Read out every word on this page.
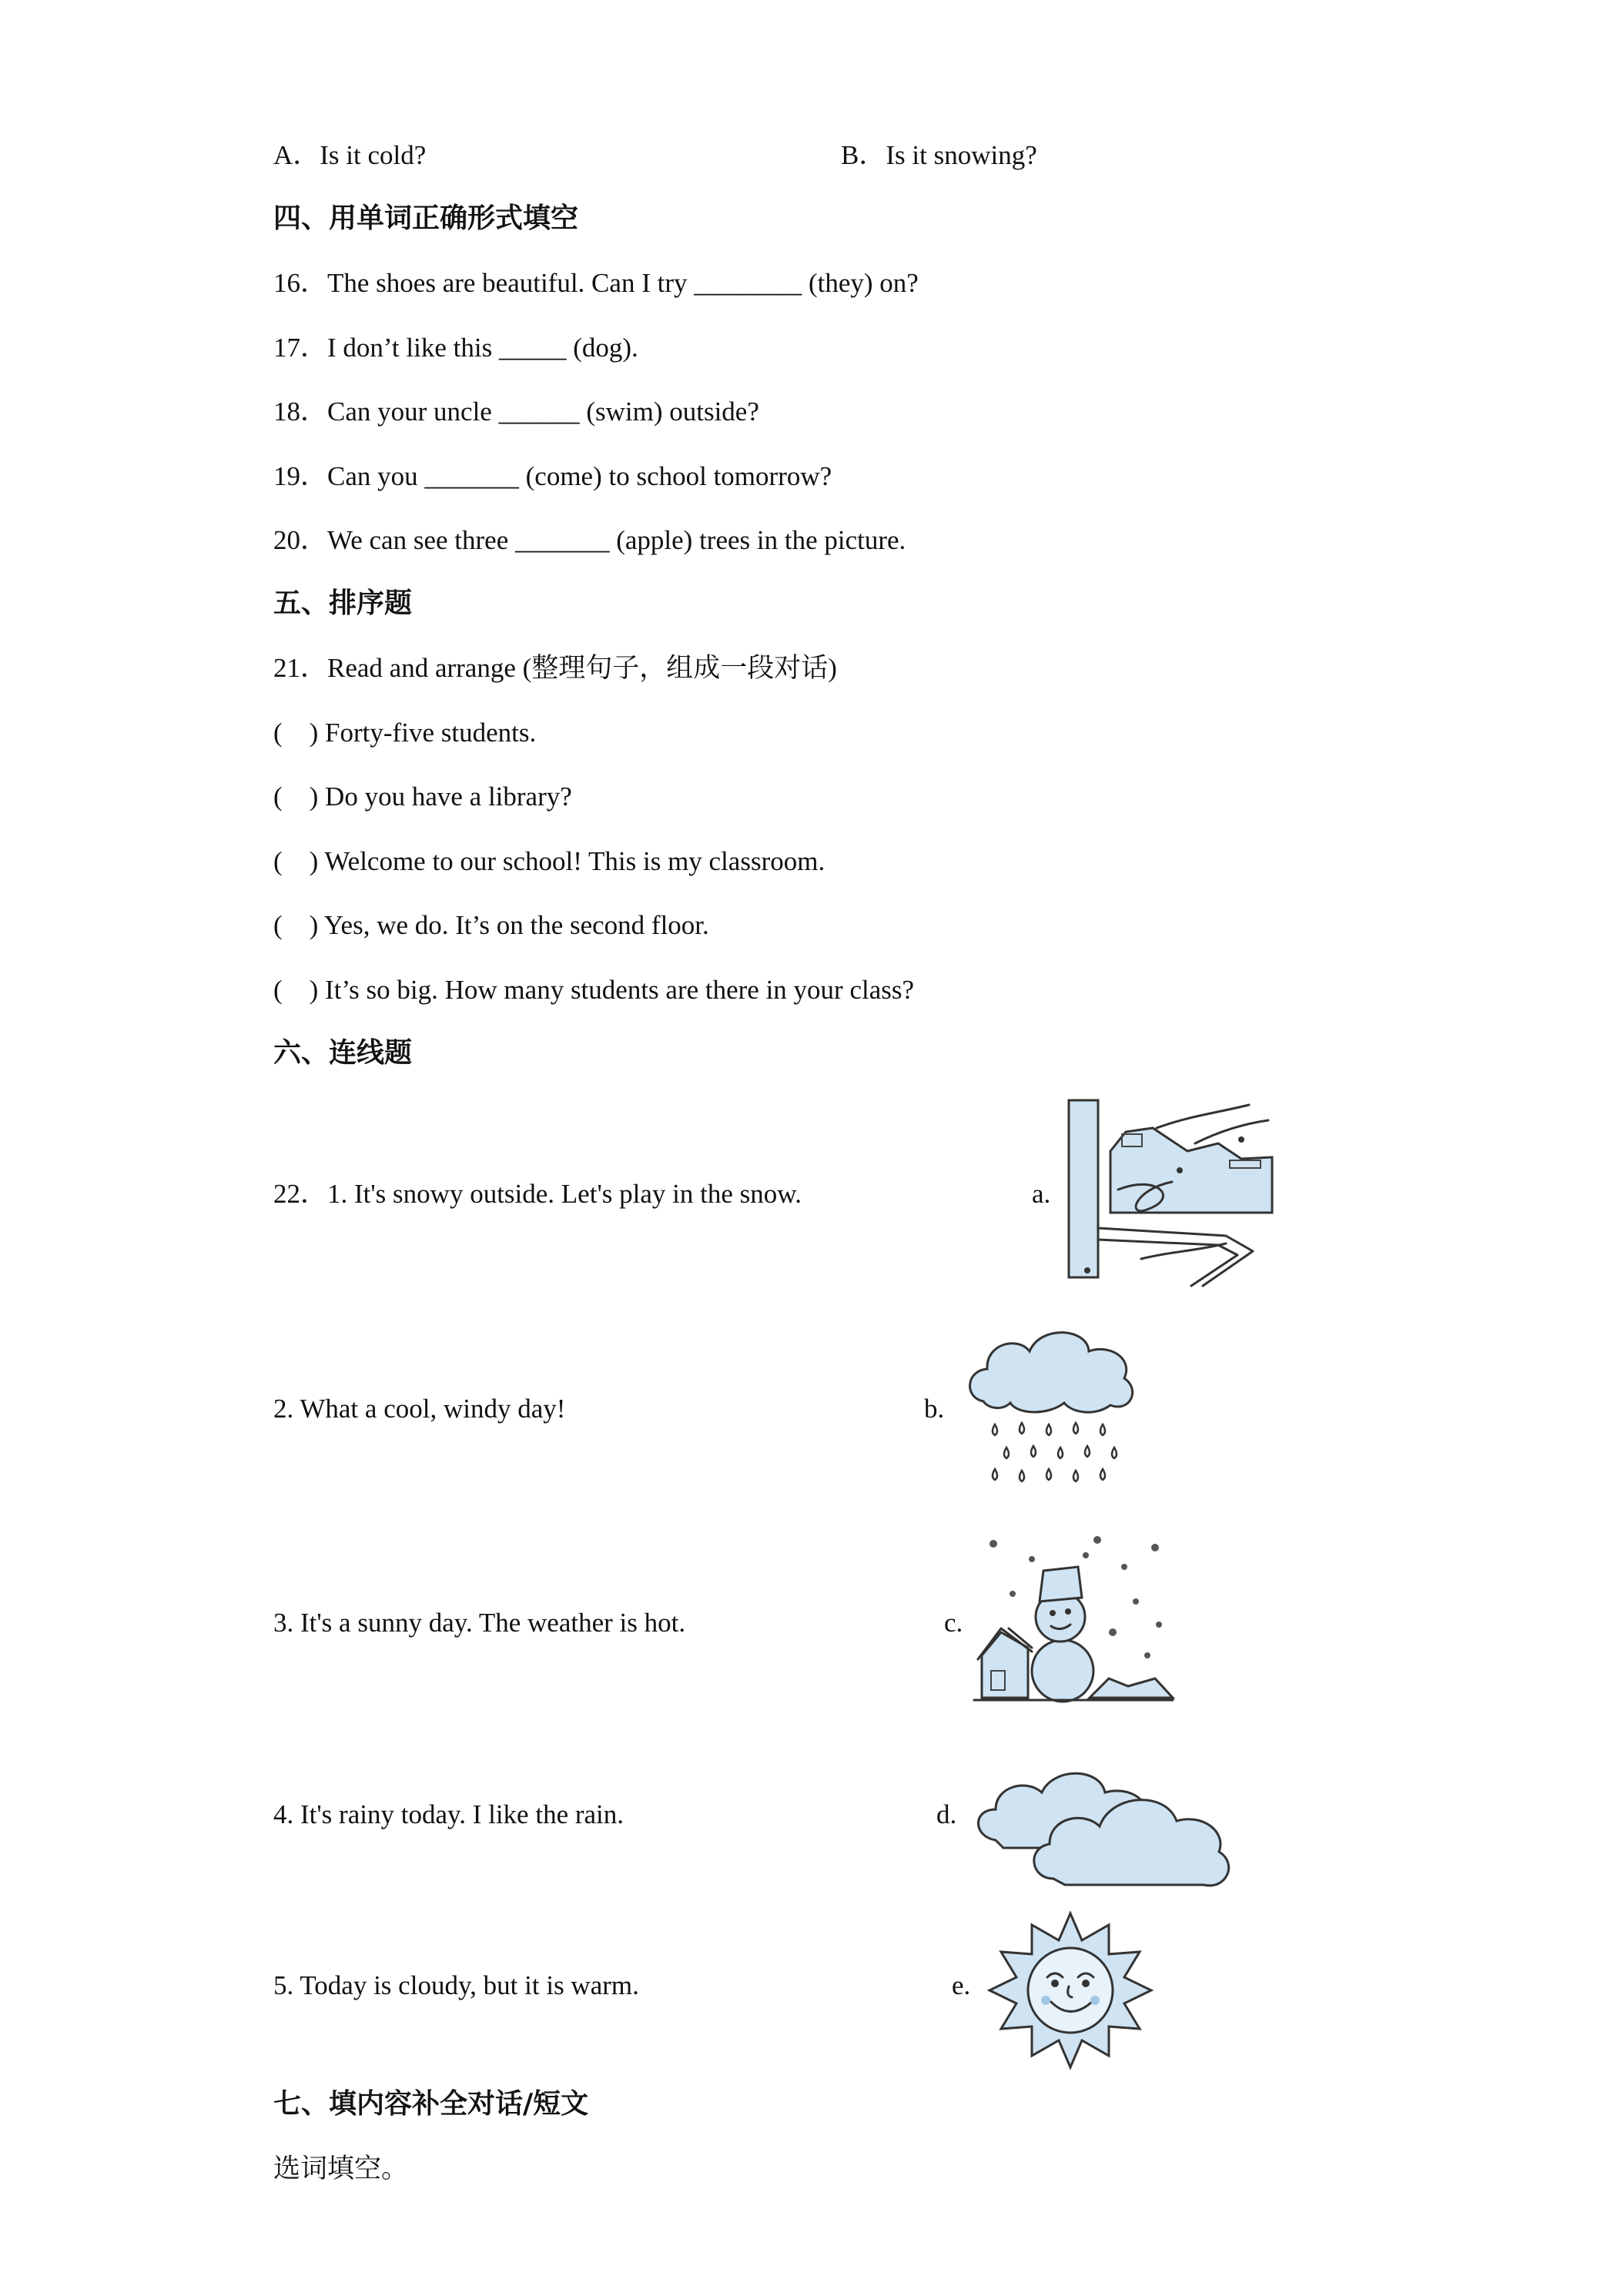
A．Is it cold?	B．Is it snowing?
四、用单词正确形式填空
16．The shoes are beautiful. Can I try ________ (they) on?
17．I don’t like this _____ (dog).
18．Can your uncle ______ (swim) outside?
19．Can you _______ (come) to school tomorrow?
20．We can see three _______ (apple) trees in the picture.
五、排序题
21．Read and arrange (整理句子，组成一段对话)
(    ) Forty-five students.
(    ) Do you have a library?
(    ) Welcome to our school! This is my classroom.
(    ) Yes, we do. It’s on the second floor.
(    ) It’s so big. How many students are there in your class?
六、连线题
22．1. It's snowy outside. Let's play in the snow.
2. What a cool, windy day!
3. It's a sunny day. The weather is hot.
4. It's rainy today. I like the rain.
5. Today is cloudy, but it is warm.
a.
b.
c.
d.
e.
七、填内容补全对话/短文
选词填空。
